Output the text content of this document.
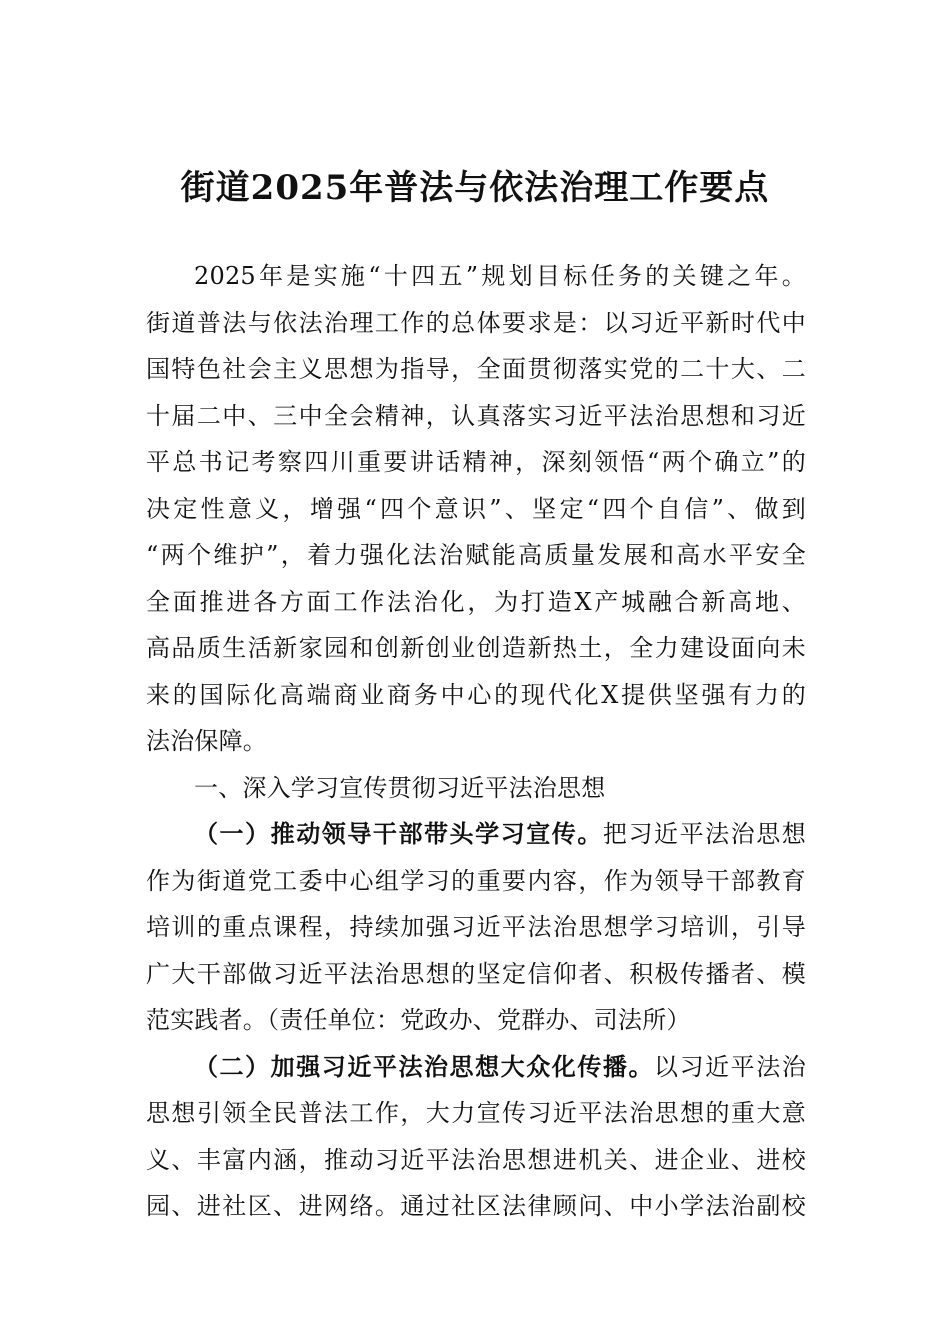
街道2025年普法与依法治理工作要点
2025年是实施“十四五”规划目标任务的关键之年。
街道普法与依法治理工作的总体要求是：以习近平新时代中
国特色社会主义思想为指导，全面贯彻落实党的二十大、二
十届二中、三中全会精神，认真落实习近平法治思想和习近
平总书记考察四川重要讲话精神，深刻领悟“两个确立”的
决定性意义，增强“四个意识”、坚定“四个自信”、做到
“两个维护”，着力强化法治赋能高质量发展和高水平安全
全面推进各方面工作法治化，为打造X产城融合新高地、
高品质生活新家园和创新创业创造新热土，全力建设面向未
来的国际化高端商业商务中心的现代化X提供坚强有力的
法治保障。
一、深入学习宣传贯彻习近平法治思想
（一）推动领导干部带头学习宣传。把习近平法治思想
作为街道党工委中心组学习的重要内容，作为领导干部教育
培训的重点课程，持续加强习近平法治思想学习培训，引导
广大干部做习近平法治思想的坚定信仰者、积极传播者、模
范实践者。（责任单位：党政办、党群办、司法所）
（二）加强习近平法治思想大众化传播。以习近平法治
思想引领全民普法工作，大力宣传习近平法治思想的重大意
义、丰富内涵，推动习近平法治思想进机关、进企业、进校
园、进社区、进网络。通过社区法律顾问、中小学法治副校
